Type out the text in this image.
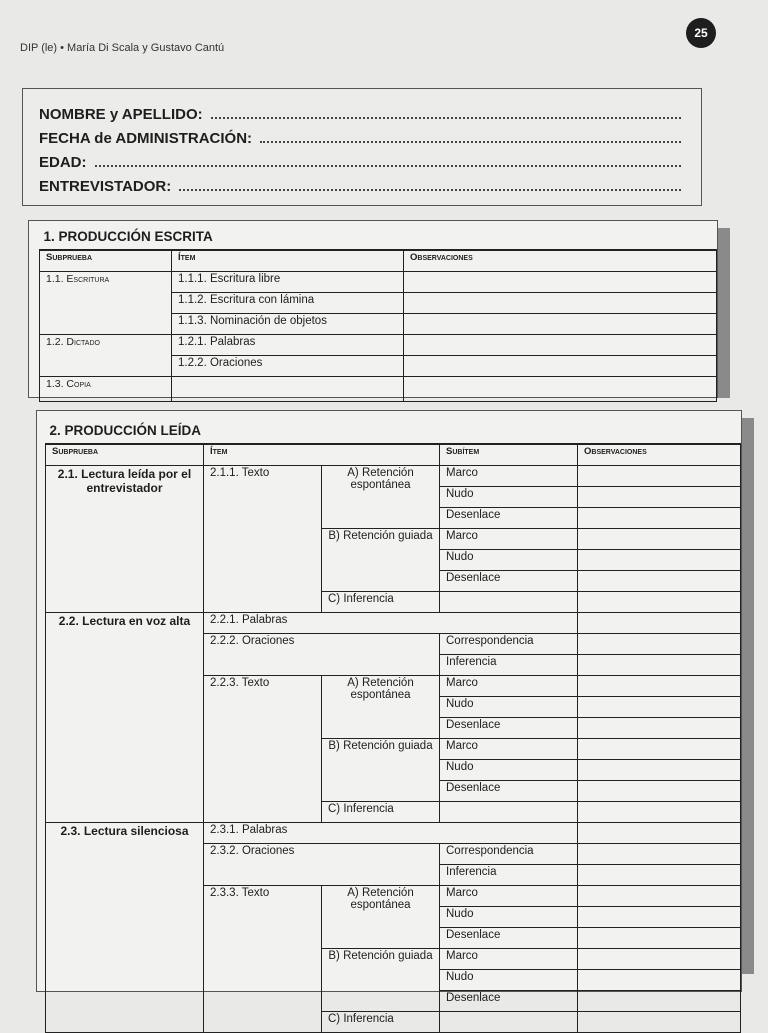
DIP (le) • María Di Scala y Gustavo Cantú
25
NOMBRE y APELLIDO:
FECHA de ADMINISTRACIÓN:
EDAD:
ENTREVISTADOR:
1. PRODUCCIÓN ESCRITA		
Subprueba	Ítem	Observaciones
1.1. Escritura	1.1.1. Escritura libre	
	1.1.2. Escritura con lámina	
	1.1.3. Nominación de objetos	
1.2. Dictado	1.2.1. Palabras	
	1.2.2. Oraciones	
1.3. Copia		
2. PRODUCCIÓN LEÍDA				
Subprueba	Ítem		Subítem	Observaciones
2.1. Lectura leída por el entrevistador	2.1.1. Texto	A) Retención espontánea	Marco	
			Nudo	
			Desenlace	
		B) Retención guiada	Marco	
			Nudo	
			Desenlace	
		C) Inferencia		
2.2. Lectura en voz alta	2.2.1. Palabras			
	2.2.2. Oraciones		Correspondencia	
			Inferencia	
	2.2.3. Texto	A) Retención espontánea	Marco	
			Nudo	
			Desenlace	
		B) Retención guiada	Marco	
			Nudo	
			Desenlace	
		C) Inferencia		
2.3. Lectura silenciosa	2.3.1. Palabras			
	2.3.2. Oraciones		Correspondencia	
			Inferencia	
	2.3.3. Texto	A) Retención espontánea	Marco	
			Nudo	
			Desenlace	
		B) Retención guiada	Marco	
			Nudo	
			Desenlace	
		C) Inferencia		
